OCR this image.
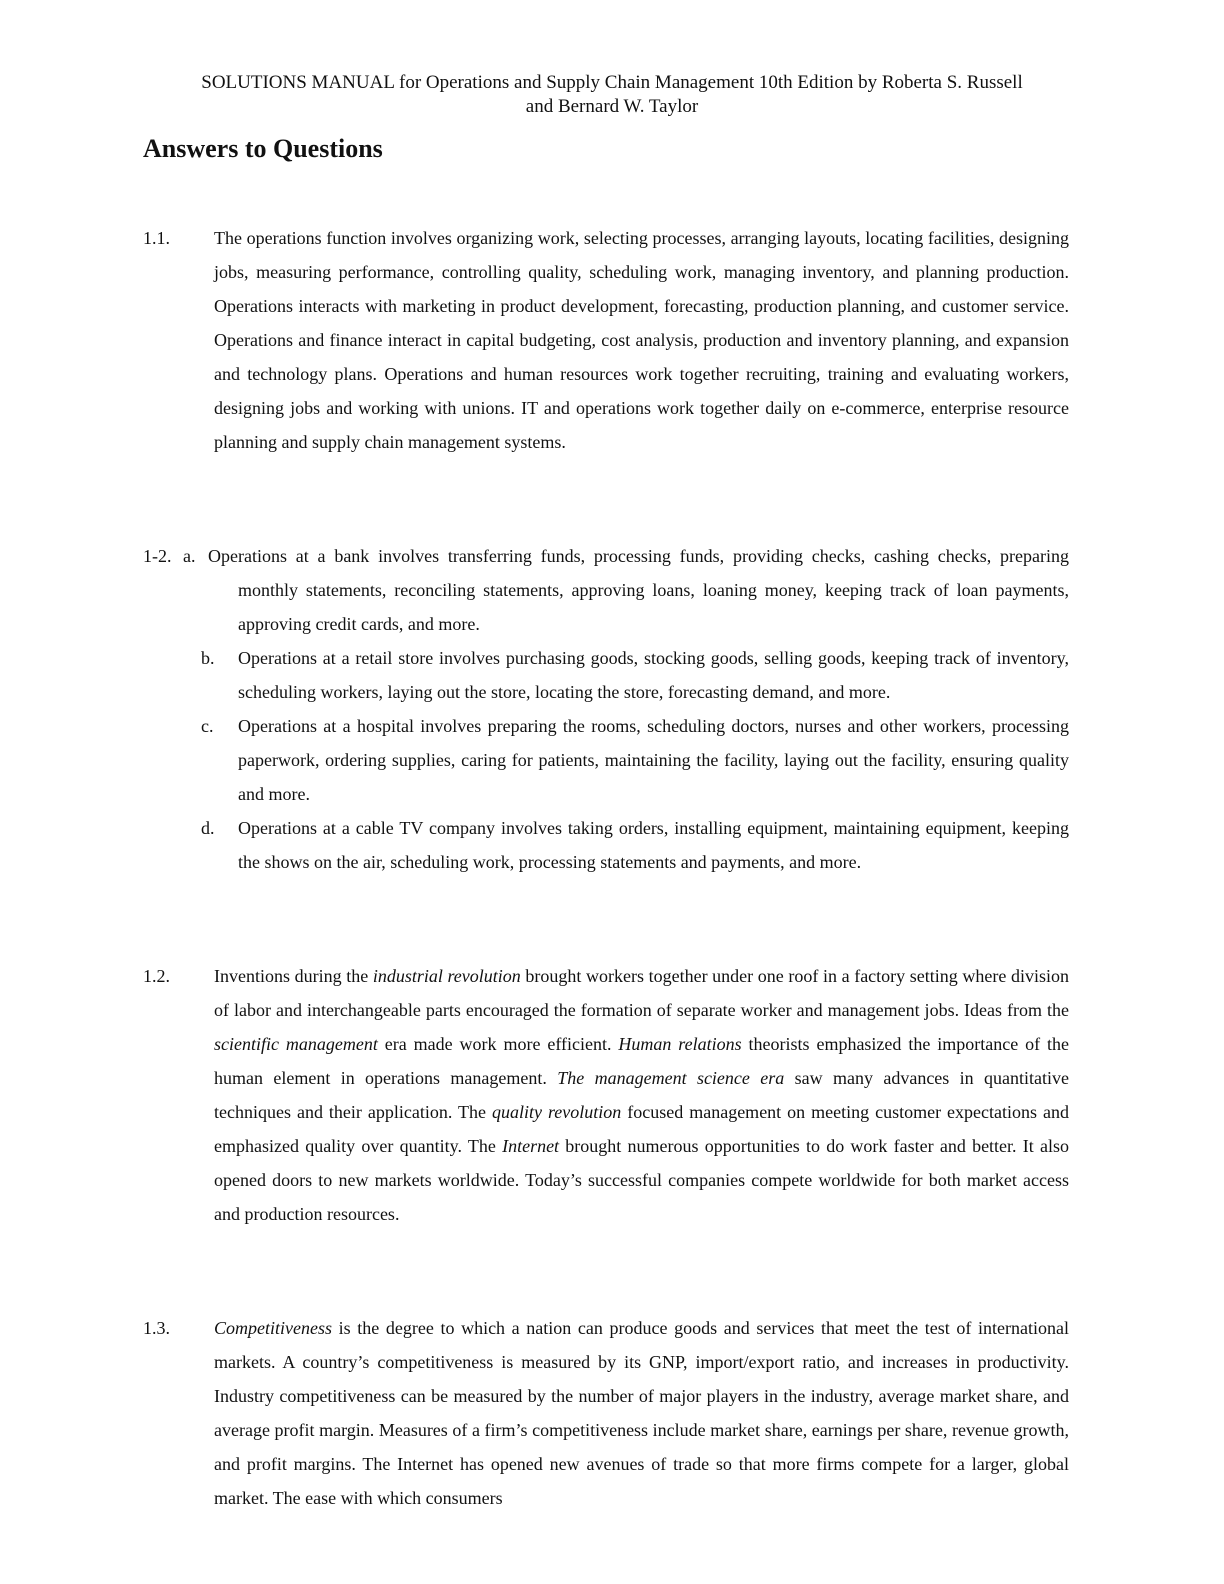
SOLUTIONS MANUAL for Operations and Supply Chain Management 10th Edition by Roberta S. Russell
and Bernard W. Taylor
Answers to Questions
1.1. The operations function involves organizing work, selecting processes, arranging layouts, locating facilities, designing jobs, measuring performance, controlling quality, scheduling work, managing inventory, and planning production. Operations interacts with marketing in product development, forecasting, production planning, and customer service. Operations and finance interact in capital budgeting, cost analysis, production and inventory planning, and expansion and technology plans. Operations and human resources work together recruiting, training and evaluating workers, designing jobs and working with unions. IT and operations work together daily on e-commerce, enterprise resource planning and supply chain management systems.
1-2. a. Operations at a bank involves transferring funds, processing funds, providing checks, cashing checks, preparing monthly statements, reconciling statements, approving loans, loaning money, keeping track of loan payments, approving credit cards, and more.
b. Operations at a retail store involves purchasing goods, stocking goods, selling goods, keeping track of inventory, scheduling workers, laying out the store, locating the store, forecasting demand, and more.
c. Operations at a hospital involves preparing the rooms, scheduling doctors, nurses and other workers, processing paperwork, ordering supplies, caring for patients, maintaining the facility, laying out the facility, ensuring quality and more.
d. Operations at a cable TV company involves taking orders, installing equipment, maintaining equipment, keeping the shows on the air, scheduling work, processing statements and payments, and more.
1.2. Inventions during the industrial revolution brought workers together under one roof in a factory setting where division of labor and interchangeable parts encouraged the formation of separate worker and management jobs. Ideas from the scientific management era made work more efficient. Human relations theorists emphasized the importance of the human element in operations management. The management science era saw many advances in quantitative techniques and their application. The quality revolution focused management on meeting customer expectations and emphasized quality over quantity. The Internet brought numerous opportunities to do work faster and better. It also opened doors to new markets worldwide. Today’s successful companies compete worldwide for both market access and production resources.
1.3. Competitiveness is the degree to which a nation can produce goods and services that meet the test of international markets. A country’s competitiveness is measured by its GNP, import/export ratio, and increases in productivity. Industry competitiveness can be measured by the number of major players in the industry, average market share, and average profit margin. Measures of a firm’s competitiveness include market share, earnings per share, revenue growth, and profit margins. The Internet has opened new avenues of trade so that more firms compete for a larger, global market. The ease with which consumers
